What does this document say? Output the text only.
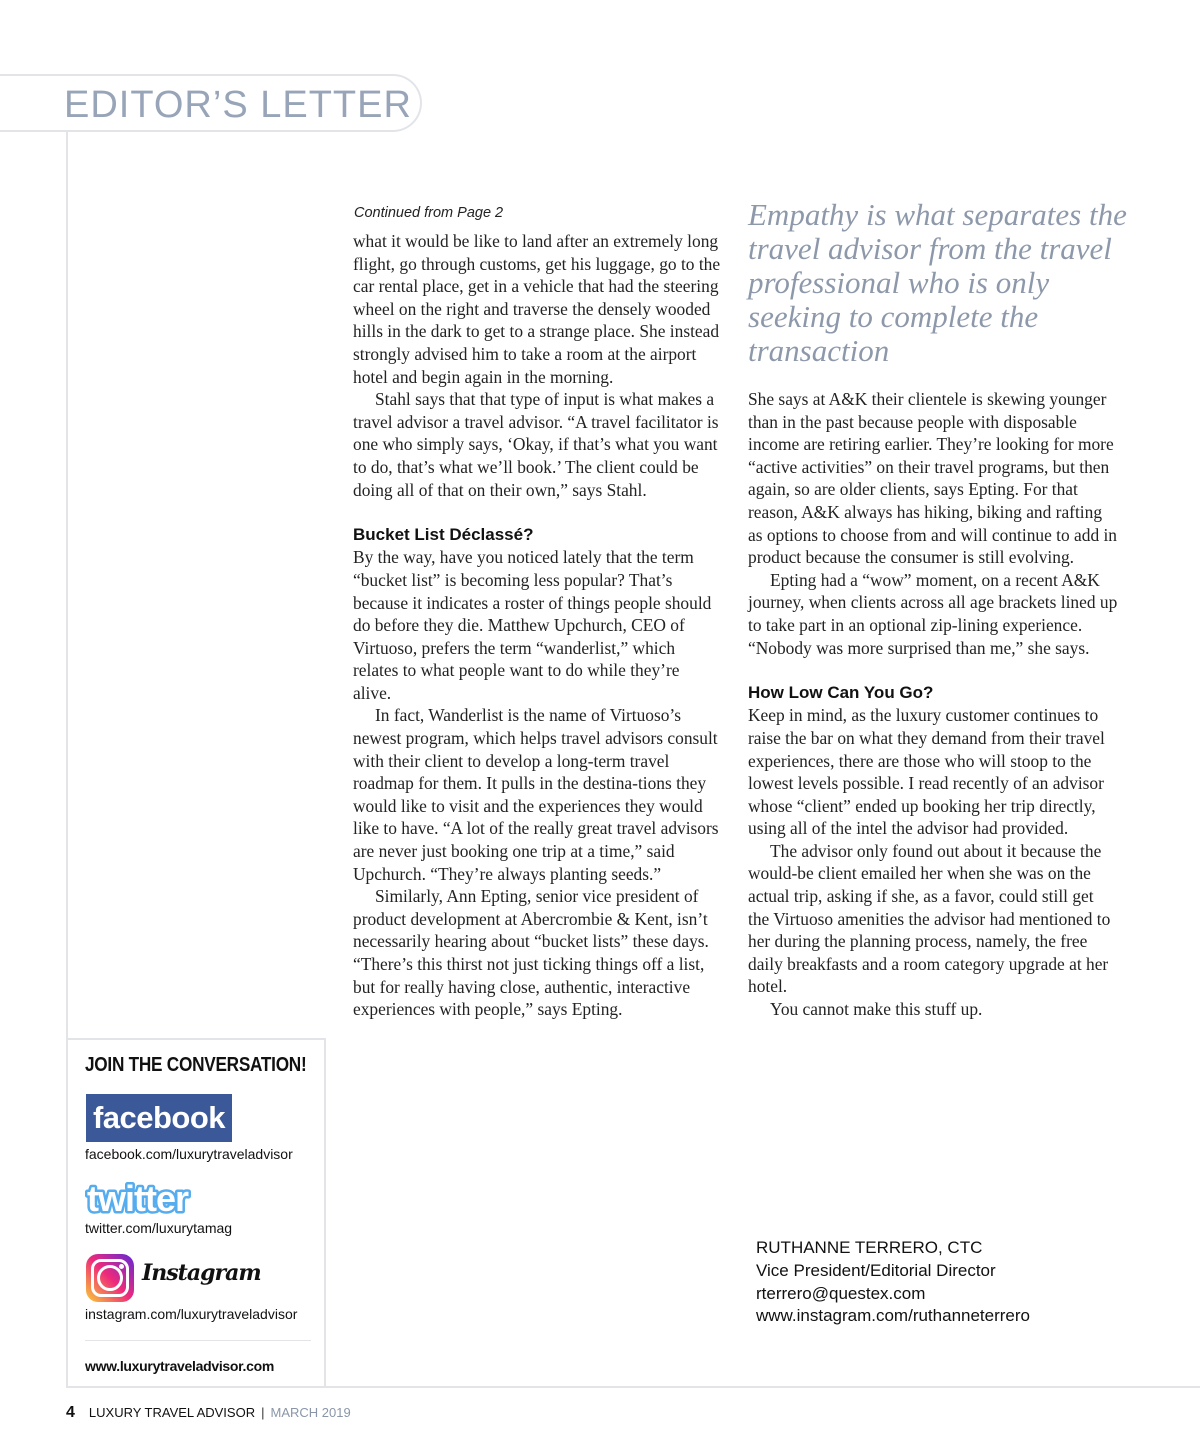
EDITOR’S LETTER
Continued from Page 2

what it would be like to land after an extremely long flight, go through customs, get his luggage, go to the car rental place, get in a vehicle that had the steering wheel on the right and traverse the densely wooded hills in the dark to get to a strange place. She instead strongly advised him to take a room at the airport hotel and begin again in the morning.

Stahl says that that type of input is what makes a travel advisor a travel advisor. “A travel facilitator is one who simply says, ‘Okay, if that’s what you want to do, that’s what we’ll book.’ The client could be doing all of that on their own,” says Stahl.

Bucket List Déclassé?

By the way, have you noticed lately that the term “bucket list” is becoming less popular? That’s because it indicates a roster of things people should do before they die. Matthew Upchurch, CEO of Virtuoso, prefers the term “wanderlist,” which relates to what people want to do while they’re alive.

In fact, Wanderlist is the name of Virtuoso’s newest program, which helps travel advisors consult with their client to develop a long-term travel roadmap for them. It pulls in the destina-tions they would like to visit and the experiences they would like to have. “A lot of the really great travel advisors are never just booking one trip at a time,” said Upchurch. “They’re always planting seeds.”

Similarly, Ann Epting, senior vice president of product development at Abercrombie & Kent, isn’t necessarily hearing about “bucket lists” these days. “There’s this thirst not just ticking things off a list, but for really having close, authentic, interactive experiences with people,” says Epting.

Empathy is what separates the travel advisor from the travel professional who is only seeking to complete the transaction

She says at A&K their clientele is skewing younger than in the past because people with disposable income are retiring earlier. They’re looking for more “active activities” on their travel programs, but then again, so are older clients, says Epting. For that reason, A&K always has hiking, biking and rafting as options to choose from and will continue to add in product because the consumer is still evolving.

Epting had a “wow” moment, on a recent A&K journey, when clients across all age brackets lined up to take part in an optional zip-lining experience. “Nobody was more surprised than me,” she says.

How Low Can You Go?

Keep in mind, as the luxury customer continues to raise the bar on what they demand from their travel experiences, there are those who will stoop to the lowest levels possible. I read recently of an advisor whose “client” ended up booking her trip directly, using all of the intel the advisor had provided.

The advisor only found out about it because the would-be client emailed her when she was on the actual trip, asking if she, as a favor, could still get the Virtuoso amenities the advisor had mentioned to her during the planning process, namely, the free daily breakfasts and a room category upgrade at her hotel.

You cannot make this stuff up.

RUTHANNE TERRERO, CTC
Vice President/Editorial Director
rterrero@questex.com
www.instagram.com/ruthanneterrero
JOIN THE CONVERSATION!
facebook
facebook.com/luxurytraveladvisor
twitter
twitter.com/luxurytamag
Instagram
instagram.com/luxurytraveladvisor
www.luxurytraveladvisor.com
4 LUXURY TRAVEL ADVISOR | MARCH 2019
